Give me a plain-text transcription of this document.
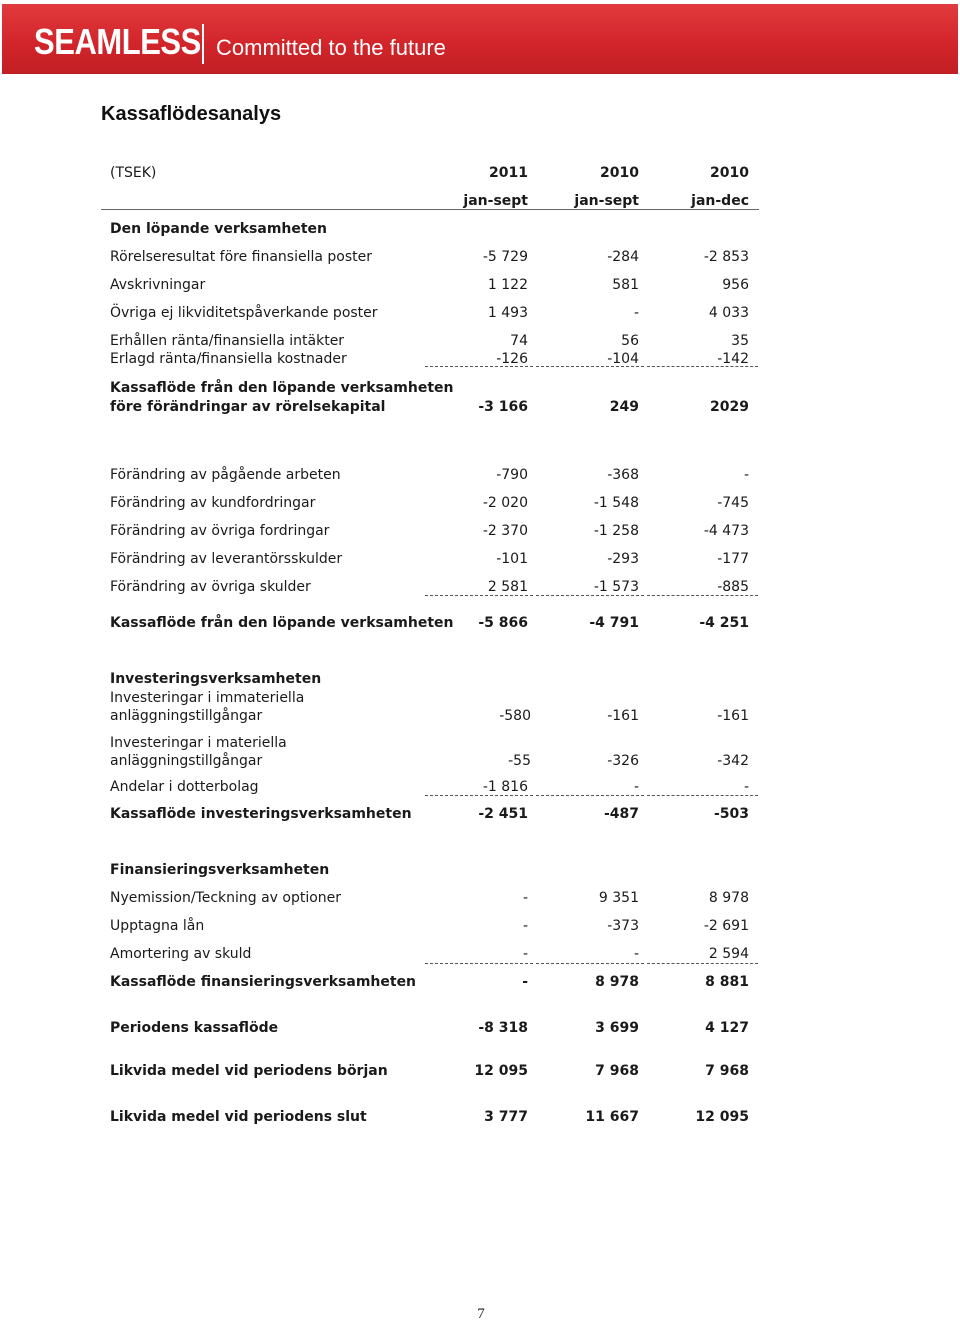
SEAMLESS Committed to the future
Kassaflödesanalys
(TSEK)	2011	2010	2010
jan-sept	jan-sept	jan-dec
Den löpande verksamheten
Rörelseresultat före finansiella poster	-5 729	-284	-2 853
Avskrivningar	1 122	581	956
Övriga ej likviditetspåverkande poster	1 493	-	4 033
Erhållen ränta/finansiella intäkter	74	56	35
Erlagd ränta/finansiella kostnader	-126	-104	-142
Kassaflöde från den löpande verksamheten
före förändringar av rörelsekapital	-3 166	249	2029
Förändring av pågående arbeten	-790	-368	-
Förändring av kundfordringar	-2 020	-1 548	-745
Förändring av övriga fordringar	-2 370	-1 258	-4 473
Förändring av leverantörsskulder	-101	-293	-177
Förändring av övriga skulder	2 581	-1 573	-885
Kassaflöde från den löpande verksamheten	-5 866	-4 791	-4 251
Investeringsverksamheten
Investeringar i immateriella
anläggningstillgångar	-580	-161	-161
Investeringar i materiella
anläggningstillgångar	-55	-326	-342
Andelar i dotterbolag	-1 816	-	-
Kassaflöde investeringsverksamheten	-2 451	-487	-503
Finansieringsverksamheten
Nyemission/Teckning av optioner	-	9 351	8 978
Upptagna lån	-	-373	-2 691
Amortering av skuld	-	-	2 594
Kassaflöde finansieringsverksamheten	-	8 978	8 881
Periodens kassaflöde	-8 318	3 699	4 127
Likvida medel vid periodens början	12 095	7 968	7 968
Likvida medel vid periodens slut	3 777	11 667	12 095
7
